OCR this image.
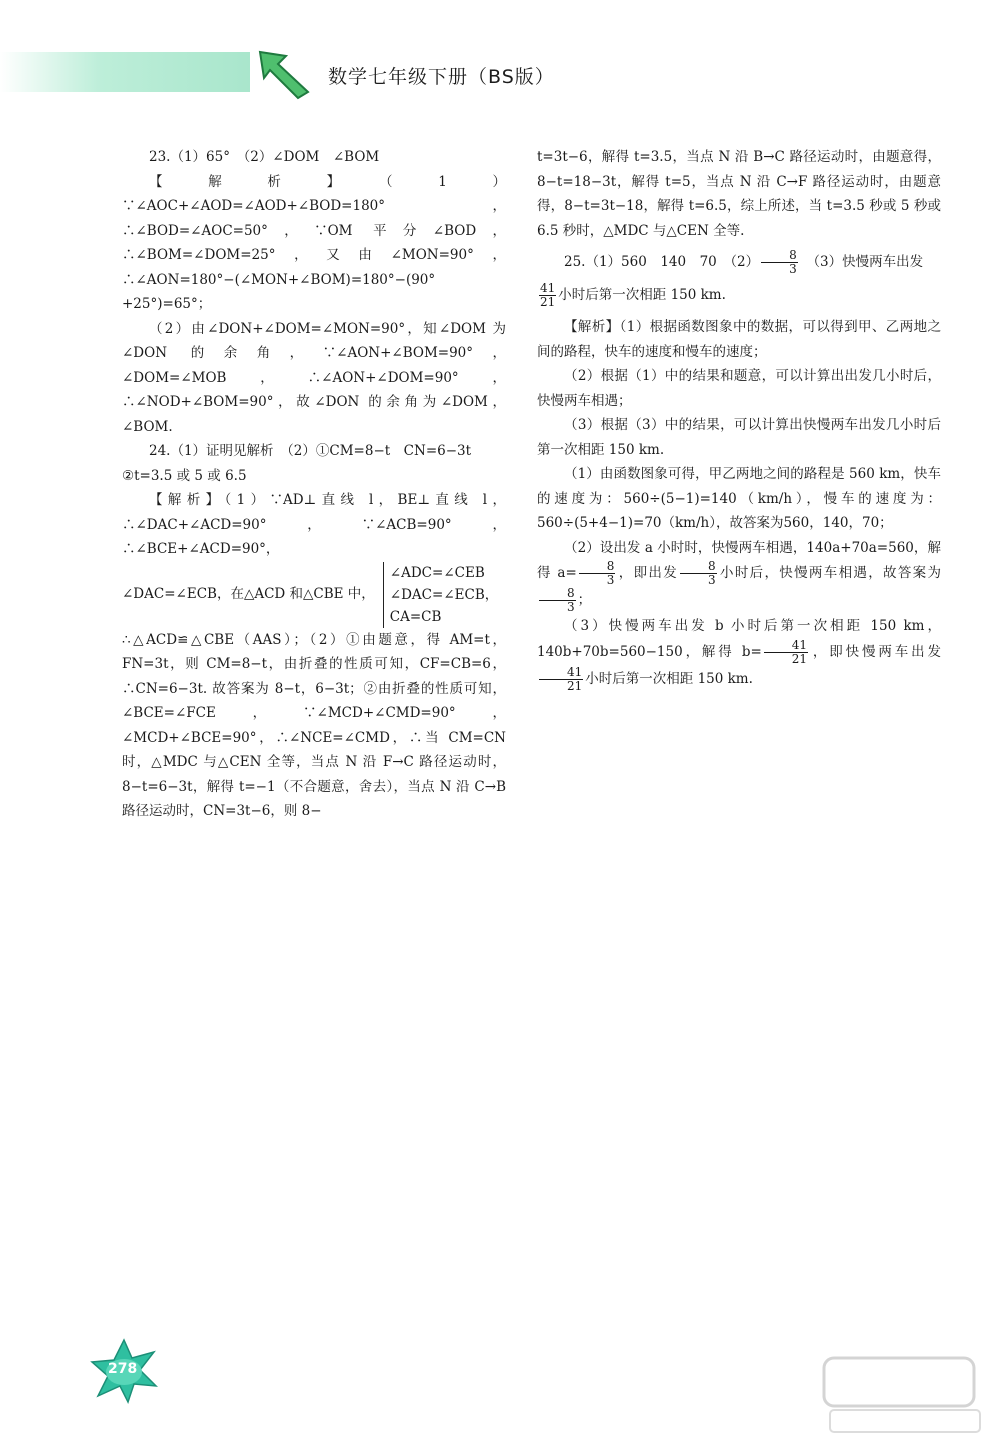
数学七年级下册（BS版）

23.（1）65°　（2）∠DOM　∠BOM

【解析】（1）∵∠AOC+∠AOD=∠AOD+∠BOD=180°，∴∠BOD=∠AOC=50°，∵OM 平分∠BOD，∴∠BOM=∠DOM=25°，又由∠MON=90°，∴∠AON=180°−(∠MON+∠BOM)=180°−(90°+25°)=65°；

（2）由∠DON+∠DOM=∠MON=90°，知∠DOM 为∠DON 的余角，∵∠AON+∠BOM=90°，∠DOM=∠MOB，∴∠AON+∠DOM=90°，∴∠NOD+∠BOM=90°，故∠DON 的余角为∠DOM，∠BOM.

24.（1）证明见解析　（2）①CM=8−t　CN=6−3t

②t=3.5 或 5 或 6.5

【解析】（1）∵AD⊥直线 l，BE⊥直线 l，∴∠DAC+∠ACD=90°，∵∠ACB=90°，∴∠BCE+∠ACD=90°，

∠DAC=∠ECB，在△ACD 和△CBE 中，
∠ADC=∠CEB
∠DAC=∠ECB，
CA=CB

∴△ACD≌△CBE（AAS）；（2）①由题意，得 AM=t，FN=3t，则 CM=8−t，由折叠的性质可知，CF=CB=6，∴CN=6−3t. 故答案为 8−t，6−3t；②由折叠的性质可知，∠BCE=∠FCE，∵∠MCD+∠CMD=90°，∠MCD+∠BCE=90°，∴∠NCE=∠CMD，∴当 CM=CN 时，△MDC 与△CEN 全等，当点 N 沿 F→C 路径运动时，8−t=6−3t，解得 t=−1（不合题意，舍去），当点 N 沿 C→B 路径运动时，CN=3t−6，则 8−

t=3t−6，解得 t=3.5，当点 N 沿 B→C 路径运动时，由题意得，8−t=18−3t，解得 t=5，当点 N 沿 C→F 路径运动时，由题意得，8−t=3t−18，解得 t=6.5，综上所述，当 t=3.5 秒或 5 秒或 6.5 秒时，△MDC 与△CEN 全等.

25.（1）560　140　70　$(2) \frac{8}{3}$
　 （3）快慢两车出发

$\frac{41}{21}$ 小时后第一次相距 150 km.

【解析】（1）根据函数图象中的数据，可以得到甲、乙两地之间的路程，快车的速度和慢车的速度；

（2）根据（1）中的结果和题意，可以计算出出发几小时后，快慢两车相遇；

（3）根据（3）中的结果，可以计算出快慢两车出发几小时后第一次相距 150 km.

（1）由函数图象可得，甲乙两地之间的路程是 560 km，快车的速度为：560÷(5−1)=140（km/h），慢车的速度为：560÷(5+4−1)=70（km/h），故答案为560，140，70；

（2）设出发 a 小时时，快慢两车相遇，140a+70a=560，解得 $a= \frac{8}{3}$ ，即出发 $\frac{8}{3}$ 小时后，快慢两车相遇，故答案为
$\frac{8}{3}$ ；

（3）快慢两车出发 b 小时后第一次相距 150 km，140b+70b=560−150，解得 $b= \frac{41}{21}$ ，即快慢两车出发
$\frac{41}{21}$ 小时后第一次相距 150 km.

278
